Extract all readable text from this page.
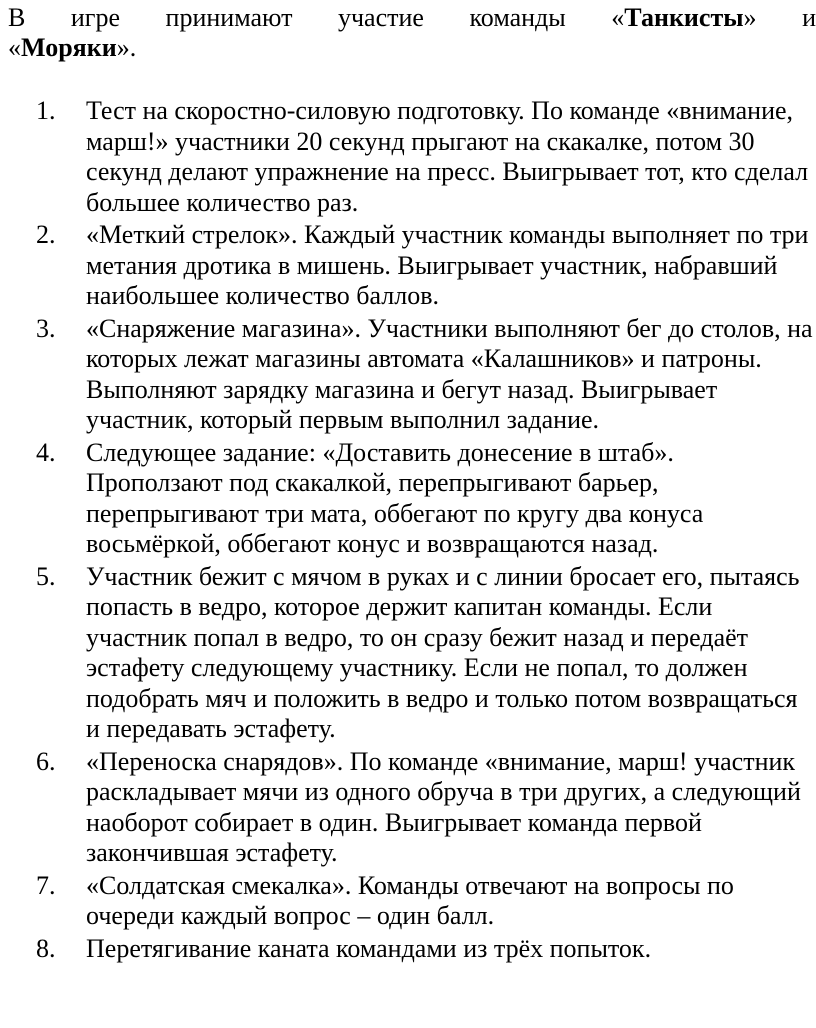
В игре принимают участие команды «Танкисты» и
«Моряки».
1.	Тест на скоростно-силовую подготовку. По команде «внимание, марш!» участники 20 секунд прыгают на скакалке, потом 30 секунд делают упражнение на пресс. Выигрывает тот, кто сделал большее количество раз.
2.	«Меткий стрелок». Каждый участник команды выполняет по три метания дротика в мишень. Выигрывает участник, набравший наибольшее количество баллов.
3.	«Снаряжение магазина». Участники выполняют бег до столов, на которых лежат магазины автомата «Калашников» и патроны. Выполняют зарядку магазина и бегут назад. Выигрывает участник, который первым выполнил задание.
4.	Следующее задание: «Доставить донесение в штаб». Проползают под скакалкой, перепрыгивают барьер, перепрыгивают три мата, оббегают по кругу два конуса восьмёркой, оббегают конус и возвращаются назад.
5.	Участник бежит с мячом в руках и с линии бросает его, пытаясь попасть в ведро, которое держит капитан команды. Если участник попал в ведро, то он сразу бежит назад и передаёт эстафету следующему участнику. Если не попал, то должен подобрать мяч и положить в ведро и только потом возвращаться и передавать эстафету.
6.	«Переноска снарядов». По команде «внимание, марш! участник раскладывает мячи из одного обруча в три других, а следующий наоборот собирает в один. Выигрывает команда первой закончившая эстафету.
7.	«Солдатская смекалка». Команды отвечают на вопросы по очереди каждый вопрос – один балл.
8.	Перетягивание каната командами из трёх попыток.
